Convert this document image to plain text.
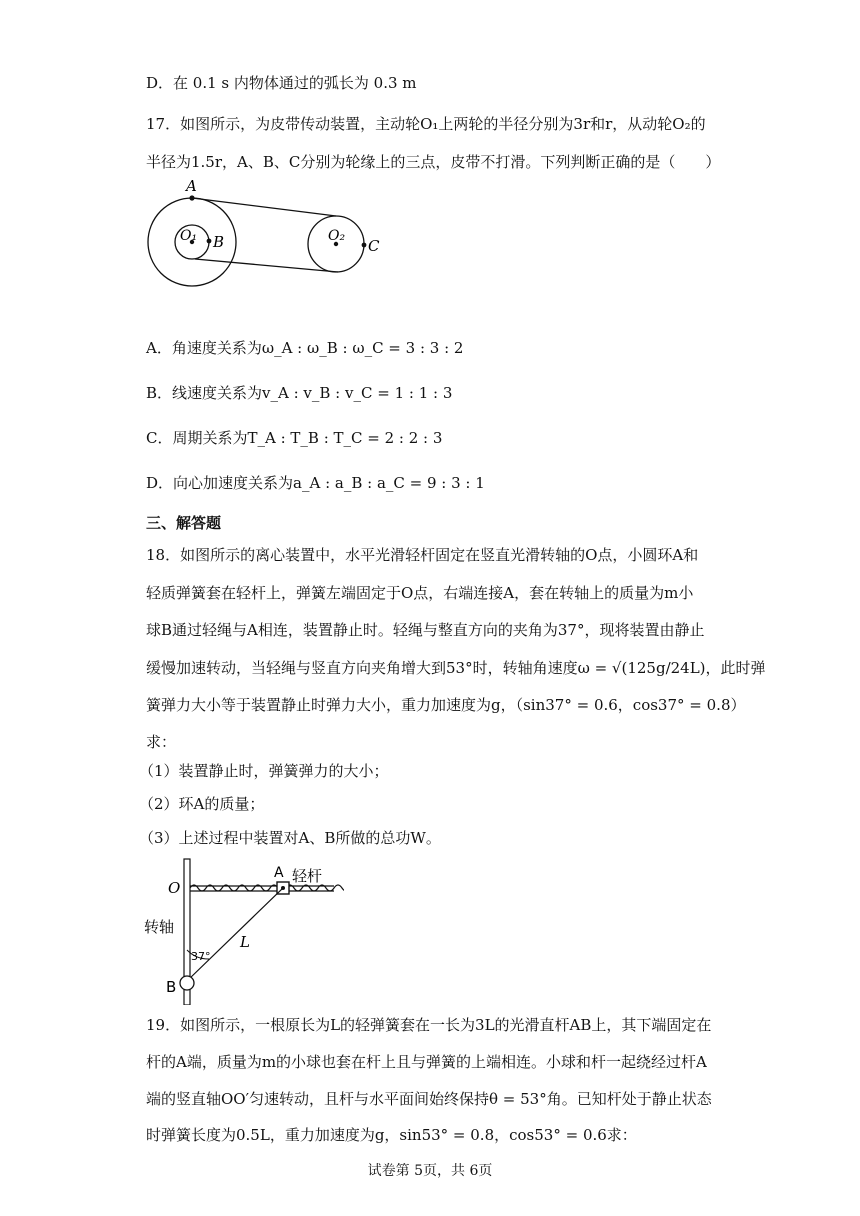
D．在 0.1 s 内物体通过的弧长为 0.3 m
17．如图所示，为皮带传动装置，主动轮O₁上两轮的半径分别为3r和r，从动轮O₂的
半径为1.5r，A、B、C分别为轮缘上的三点，皮带不打滑。下列判断正确的是（　　）
A
O₁ B	O₂
C
A．角速度关系为ω_A : ω_B : ω_C = 3 : 3 : 2
B．线速度关系为v_A : v_B : v_C = 1 : 1 : 3
C．周期关系为T_A : T_B : T_C = 2 : 2 : 3
D．向心加速度关系为a_A : a_B : a_C = 9 : 3 : 1
三、解答题
18．如图所示的离心装置中，水平光滑轻杆固定在竖直光滑转轴的O点，小圆环A和
轻质弹簧套在轻杆上，弹簧左端固定于O点，右端连接A，套在转轴上的质量为m小
球B通过轻绳与A相连，装置静止时。轻绳与整直方向的夹角为37°，现将装置由静止
缓慢加速转动，当轻绳与竖直方向夹角增大到53°时，转轴角速度ω = √(125g/24L)，此时弹
簧弹力大小等于装置静止时弹力大小，重力加速度为g，（sin37° = 0.6，cos37° = 0.8）
求：
（1）装置静止时，弹簧弹力的大小；
（2）环A的质量；
（3）上述过程中装置对A、B所做的总功W。
O
A 轻杆
转轴
37°
L
B
19．如图所示，一根原长为L的轻弹簧套在一长为3L的光滑直杆AB上，其下端固定在
杆的A端，质量为m的小球也套在杆上且与弹簧的上端相连。小球和杆一起绕经过杆A
端的竖直轴OO′匀速转动，且杆与水平面间始终保持θ = 53°角。已知杆处于静止状态
时弹簧长度为0.5L，重力加速度为g，sin53° = 0.8，cos53° = 0.6求：
试卷第 5页，共 6页
